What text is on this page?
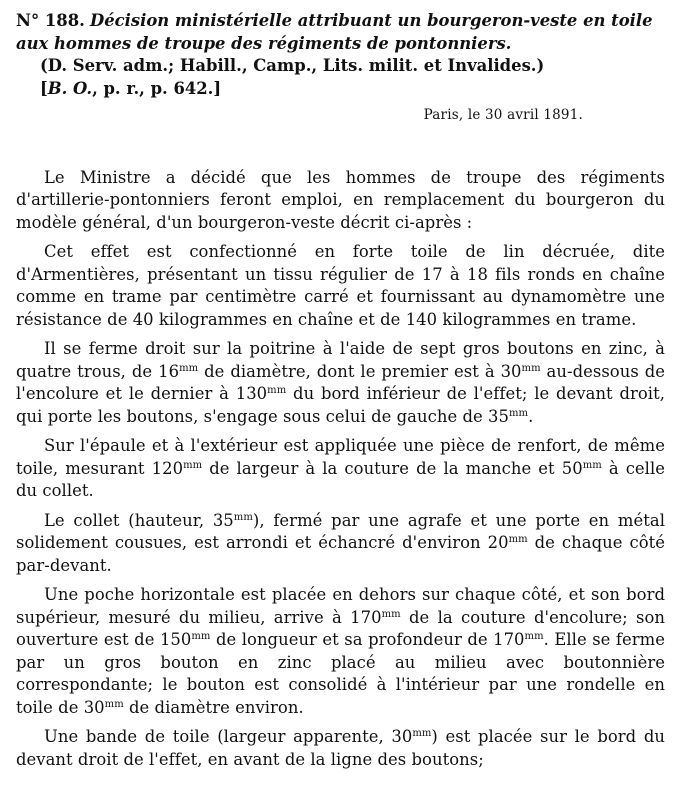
N° 188. Décision ministérielle attribuant un bourgeron-veste en toile aux hommes de troupe des régiments de pontonniers.
(D. Serv. adm.; Habill., Camp., Lits. milit. et Invalides.)
[B. O., p. r., p. 642.]
Paris, le 30 avril 1891.

Le Ministre a décidé que les hommes de troupe des régiments d'artillerie-pontonniers feront emploi, en remplacement du bourgeron du modèle général, d'un bourgeron-veste décrit ci-après :

Cet effet est confectionné en forte toile de lin décruée, dite d'Armentières, présentant un tissu régulier de 17 à 18 fils ronds en chaîne comme en trame par centimètre carré et fournissant au dynamomètre une résistance de 40 kilogrammes en chaîne et de 140 kilogrammes en trame.

Il se ferme droit sur la poitrine à l'aide de sept gros boutons en zinc, à quatre trous, de $16^{mm}$ de diamètre, dont le premier est à $30^{mm}$ au-dessous de l'encolure et le dernier à $130^{mm}$ du bord inférieur de l'effet; le devant droit, qui porte les boutons, s'engage sous celui de gauche de $35^{mm}$.

Sur l'épaule et à l'extérieur est appliquée une pièce de renfort, de même toile, mesurant $120^{mm}$ de largeur à la couture de la manche et $50^{mm}$ à celle du collet.

Le collet (hauteur, $35^{mm}$), fermé par une agrafe et une porte en métal solidement cousues, est arrondi et échancré d'environ $20^{mm}$ de chaque côté par-devant.

Une poche horizontale est placée en dehors sur chaque côté, et son bord supérieur, mesuré du milieu, arrive à $170^{mm}$ de la couture d'encolure; son ouverture est de $150^{mm}$ de longueur et sa profondeur de $170^{mm}$. Elle se ferme par un gros bouton en zinc placé au milieu avec boutonnière correspondante; le bouton est consolidé à l'intérieur par une rondelle en toile de $30^{mm}$ de diamètre environ.

Une bande de toile (largeur apparente, $30^{mm}$) est placée sur le bord du devant droit de l'effet, en avant de la ligne des boutons;
